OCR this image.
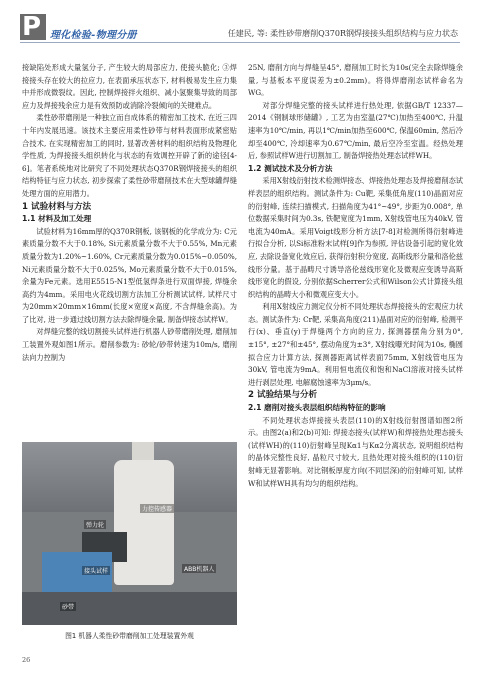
P 理化检验-物理分册	任建民, 等: 柔性砂带磨削Q370R钢焊接接头组织结构与应力状态

接缺陷处形成大量氢分子, 产生较大的局部应力, 使接头脆化; ③焊接接头存在较大的拉应力, 在表面承压状态下, 材料极易发生应力集中并形成微裂纹。因此, 控制焊接拌火组织、减小氢聚集导致的局部应力及焊接残余应力是有效预防或消除冷裂倾向的关键难点。

柔性砂带磨削是一种独立而自成体系的精密加工技术, 在近三四十年内发展迅速。该技术主要应用柔性砂带与材料表面形成紧密贴合技术, 在实现精密加工的同时, 显著改善材料的组织结构及物理化学性质, 为焊接接头组织转化与状态的有效调控开辟了新的途径[4-6]。笔者系统地对比研究了不同处理状态Q370R钢焊接接头的组织结构特征与应力状态, 初步探索了柔性砂带磨削技术在大型球罐焊缝处理方面的应用潜力。

1 试验材料与方法

1.1 材料及加工处理

试验材料为16mm厚的Q370R钢板, 该钢板的化学成分为: C元素质量分数不大于0.18%, Si元素质量分数不大于0.55%, Mn元素质量分数为1.20%~1.60%, Cr元素质量分数为0.015%~0.050%, Ni元素质量分数不大于0.025%, Mo元素质量分数不大于0.015%, 余量为Fe元素。选用E5515-N1型低氢焊条进行双面焊接, 焊缝余高约为4mm。采用电火花线切割方法加工分析测试试样, 试样尺寸为20mm×20mm×16mm(长度×宽度×高度, 不含焊缝余高)。为了比对, 进一步通过线切割方法去除焊缝余量, 制备焊接态试样W。

对焊缝完整的线切割接头试样进行机器人砂带磨削处理, 磨削加工装置外观如图1所示。磨削参数为: 砂轮/砂带转速为10m/s, 磨削法向力控制为

力控传感器
弹力轮
接头试样	ABB机器人
砂带
图1 机器人柔性砂带磨削加工处理装置外观
26

25N, 磨削方向与焊缝呈45°, 磨削加工时长为10s(完全去除焊缝余量, 与基板本平度误差为±0.2mm)。将得焊磨削态试样命名为WG。

对部分焊缝完整的接头试样进行热处理, 依据GB/T 12337—2014《钢制球形储罐》, 工艺为由室温(27℃)加热至400℃, 升温速率为10℃/min, 再以1℃/min加热至600℃, 保温60min, 然后冷却至400℃, 冷却速率为0.67℃/min, 最后空冷至室温。经热处理后, 参照试样W进行切割加工, 制备焊接热处理态试样WH。

1.2 测试技术及分析方法

采用X射线衍射技术检测焊接态、焊接热处理态及焊接磨削态试样表层的组织结构。测试条件为: Cu靶, 采集低角度(110)晶面对应的衍射峰, 连续扫描模式, 扫描角度为41°~49°, 步距为0.008°, 单位数据采集时间为0.3s, 铁靶宽度为1mm, X射线管电压为40kV, 管电流为40mA。采用Voigt线形分析方法[7-8]对检测所得衍射峰进行拟合分析, 以Si标准粉末试样[9]作为参照, 评估设备引起的宽化效应, 去除设备宽化效应后, 获得衍射积分宽度, 高斯线形分量和洛伦兹线形分量。基于晶畴尺寸诱导洛伦兹线形宽化及微观应变诱导高斯线形宽化的假设, 分别依据Scherrer公式和Wilson公式计算接头组织结构的晶畴大小和微观应变大小。

利用X射线应力测定仪分析不同处理状态焊接接头的宏观应力状态。测试条件为: Cr靶, 采集高角度(211)晶面对应的衍射峰, 检测平行(x)、垂直(y)于焊缝两个方向的应力, 探测器摆角分别为0°, ±15°, ±27°和±45°, 摆动角度为±3°, X射线曝光时间为10s, 椭圆拟合应力计算方法, 探测器距离试样表面75mm, X射线管电压为30kV, 管电流为9mA。利用恒电流仪和饱和NaCl溶液对接头试样进行剥层处理, 电解腐蚀速率为3μm/s。

2 试验结果与分析

2.1 磨削对接头表层组织结构特征的影响

不同处理状态焊接接头表层(110)的X射线衍射图谱如图2所示。由图2(a)和2(b)可知: 焊接态接头(试样W)和焊接热处理态接头(试样WH)的(110)衍射峰呈现Kα1与Kα2分离状态, 说明组织结构的晶体完整性良好, 晶粒尺寸较大, 且热处理对接头组织的(110)衍射峰无显著影响。对比钢板厚度方向(不同层深)的衍射峰可知, 试样W和试样WH具有均匀的组织结构。
